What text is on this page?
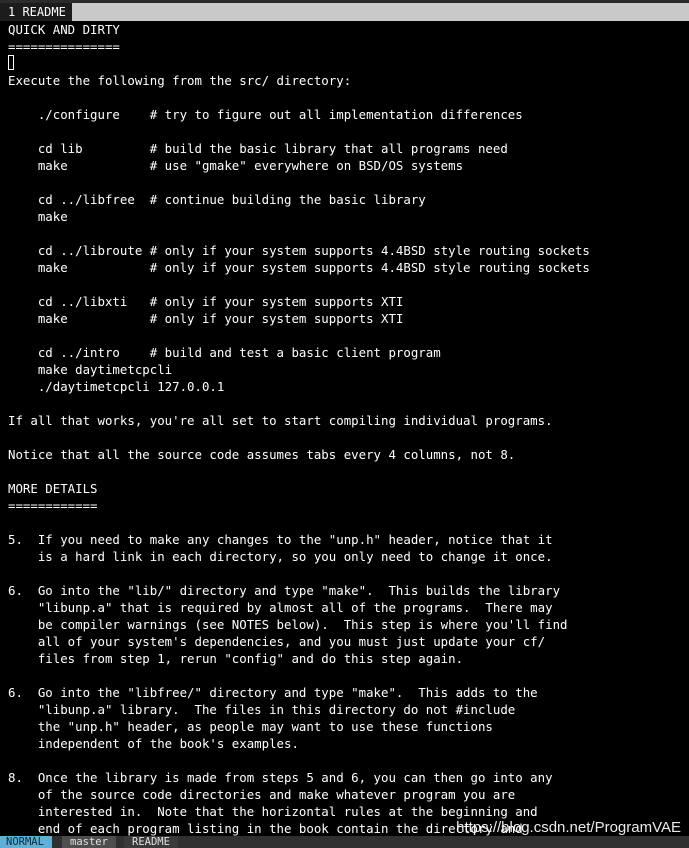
1 README
QUICK AND DIRTY
===============
Execute the following from the src/ directory:
./configure    # try to figure out all implementation differences
cd lib         # build the basic library that all programs need
make           # use "gmake" everywhere on BSD/OS systems
cd ../libfree  # continue building the basic library
make
cd ../libroute # only if your system supports 4.4BSD style routing sockets
make           # only if your system supports 4.4BSD style routing sockets
cd ../libxti   # only if your system supports XTI
make           # only if your system supports XTI
cd ../intro    # build and test a basic client program
make daytimetcpcli
./daytimetcpcli 127.0.0.1
If all that works, you're all set to start compiling individual programs.
Notice that all the source code assumes tabs every 4 columns, not 8.
MORE DETAILS
============
5.  If you need to make any changes to the "unp.h" header, notice that it
is a hard link in each directory, so you only need to change it once.
6.  Go into the "lib/" directory and type "make".  This builds the library
"libunp.a" that is required by almost all of the programs.  There may
be compiler warnings (see NOTES below).  This step is where you'll find
all of your system's dependencies, and you must just update your cf/
files from step 1, rerun "config" and do this step again.
6.  Go into the "libfree/" directory and type "make".  This adds to the
"libunp.a" library.  The files in this directory do not #include
the "unp.h" header, as people may want to use these functions
independent of the book's examples.
8.  Once the library is made from steps 5 and 6, you can then go into any
of the source code directories and make whatever program you are
interested in.  Note that the horizontal rules at the beginning and
end of each program listing in the book contain the directory and
https://blog.csdn.net/ProgramVAE
NORMAL	master	README
